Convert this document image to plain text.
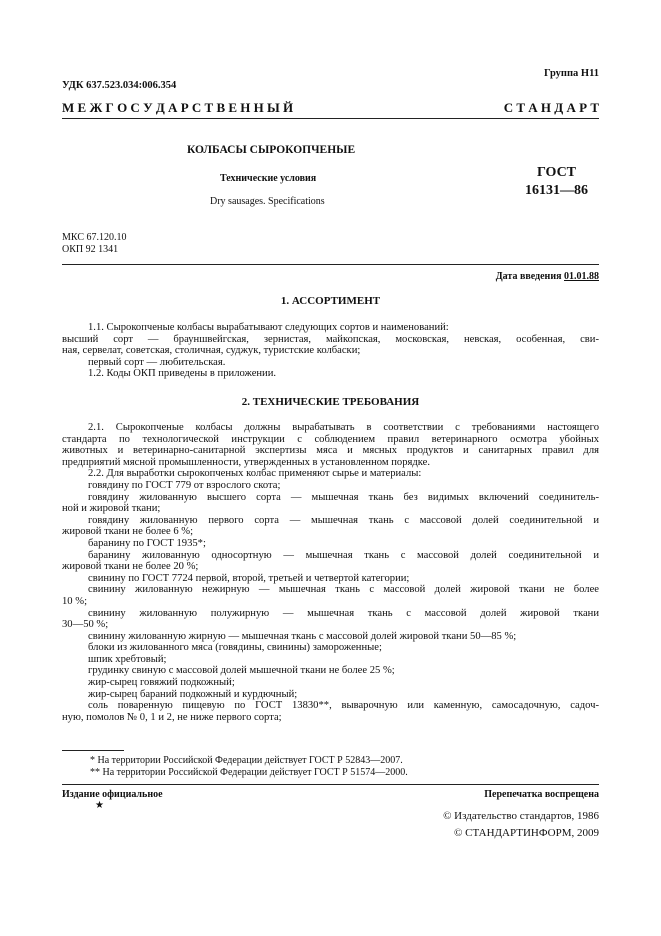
Группа Н11
УДК 637.523.034:006.354
М Е Ж Г О С У Д А Р С Т В Е Н Н Ы Й	С Т А Н Д А Р Т
КОЛБАСЫ СЫРОКОПЧЕНЫЕ
Технические условия
Dry sausages. Specifications
ГОСТ
16131—86
МКС 67.120.10
ОКП 92 1341
Дата введения 01.01.88
1. АССОРТИМЕНТ

1.1. Сырокопченые колбасы вырабатывают следующих сортов и наименований:

высший сорт — брауншвейгская, зернистая, майкопская, московская, невская, особенная, сви-

ная, сервелат, советская, столичная, суджук, туристские колбаски;

первый сорт — любительская.

1.2. Коды ОКП приведены в приложении.

2. ТЕХНИЧЕСКИЕ ТРЕБОВАНИЯ

2.1. Сырокопченые колбасы должны вырабатывать в соответствии с требованиями настоящего

стандарта по технологической инструкции с соблюдением правил ветеринарного осмотра убойных

животных и ветеринарно-санитарной экспертизы мяса и мясных продуктов и санитарных правил для

предприятий мясной промышленности, утвержденных в установленном порядке.

2.2. Для выработки сырокопченых колбас применяют сырье и материалы:

говядину по ГОСТ 779 от взрослого скота;

говядину жилованную высшего сорта — мышечная ткань без видимых включений соединитель-

ной и жировой ткани;

говядину жилованную первого сорта — мышечная ткань с массовой долей соединительной и

жировой ткани не более 6 %;

баранину по ГОСТ 1935*;

баранину жилованную односортную — мышечная ткань с массовой долей соединительной и

жировой ткани не более 20 %;

свинину по ГОСТ 7724 первой, второй, третьей и четвертой категории;

свинину жилованную нежирную — мышечная ткань с массовой долей жировой ткани не более

10 %;

свинину жилованную полужирную — мышечная ткань с массовой долей жировой ткани

30—50 %;

свинину жилованную жирную — мышечная ткань с массовой долей жировой ткани 50—85 %;

блоки из жилованного мяса (говядины, свинины) замороженные;

шпик хребтовый;

грудинку свиную с массовой долей мышечной ткани не более 25 %;

жир-сырец говяжий подкожный;

жир-сырец бараний подкожный и курдючный;

соль поваренную пищевую по ГОСТ 13830**, выварочную или каменную, самосадочную, садоч-

ную, помолов № 0, 1 и 2, не ниже первого сорта;

* На территории Российской Федерации действует ГОСТ Р 52843—2007.
** На территории Российской Федерации действует ГОСТ Р 51574—2000.
Издание официальное
★
Перепечатка воспрещена
© Издательство стандартов, 1986
© СТАНДАРТИНФОРМ, 2009
